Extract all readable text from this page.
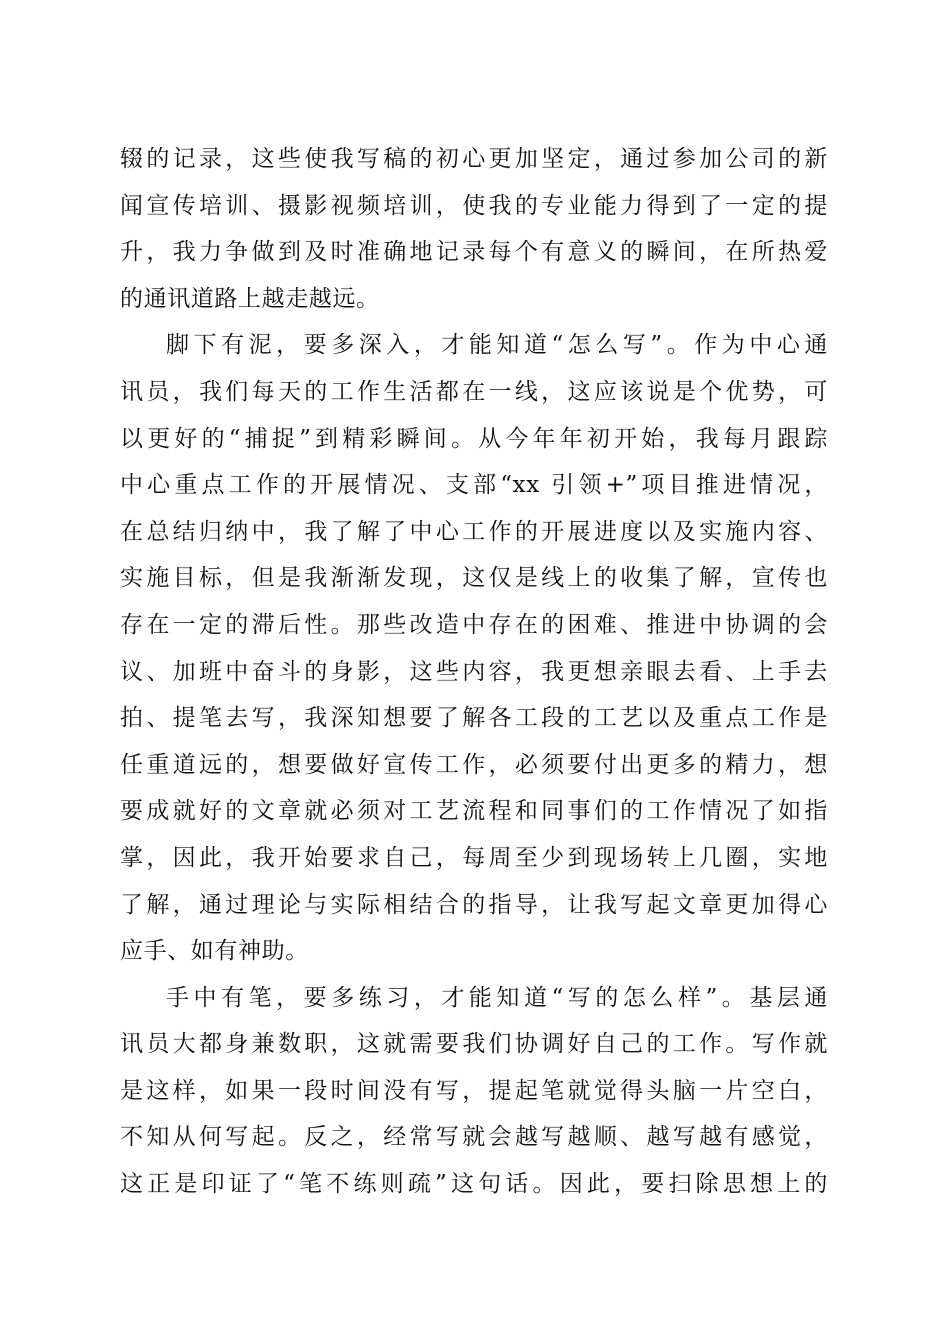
辍的记录，这些使我写稿的初心更加坚定，通过参加公司的新
闻宣传培训、摄影视频培训，使我的专业能力得到了一定的提
升，我力争做到及时准确地记录每个有意义的瞬间，在所热爱
的通讯道路上越走越远。
脚下有泥，要多深入，才能知道“怎么写”。作为中心通
讯员，我们每天的工作生活都在一线，这应该说是个优势，可
以更好的“捕捉”到精彩瞬间。从今年年初开始，我每月跟踪
中心重点工作的开展情况、支部“xx 引领+”项目推进情况，
在总结归纳中，我了解了中心工作的开展进度以及实施内容、
实施目标，但是我渐渐发现，这仅是线上的收集了解，宣传也
存在一定的滞后性。那些改造中存在的困难、推进中协调的会
议、加班中奋斗的身影，这些内容，我更想亲眼去看、上手去
拍、提笔去写，我深知想要了解各工段的工艺以及重点工作是
任重道远的，想要做好宣传工作，必须要付出更多的精力，想
要成就好的文章就必须对工艺流程和同事们的工作情况了如指
掌，因此，我开始要求自己，每周至少到现场转上几圈，实地
了解，通过理论与实际相结合的指导，让我写起文章更加得心
应手、如有神助。
手中有笔，要多练习，才能知道“写的怎么样”。基层通
讯员大都身兼数职，这就需要我们协调好自己的工作。写作就
是这样，如果一段时间没有写，提起笔就觉得头脑一片空白，
不知从何写起。反之，经常写就会越写越顺、越写越有感觉，
这正是印证了“笔不练则疏”这句话。因此，要扫除思想上的
